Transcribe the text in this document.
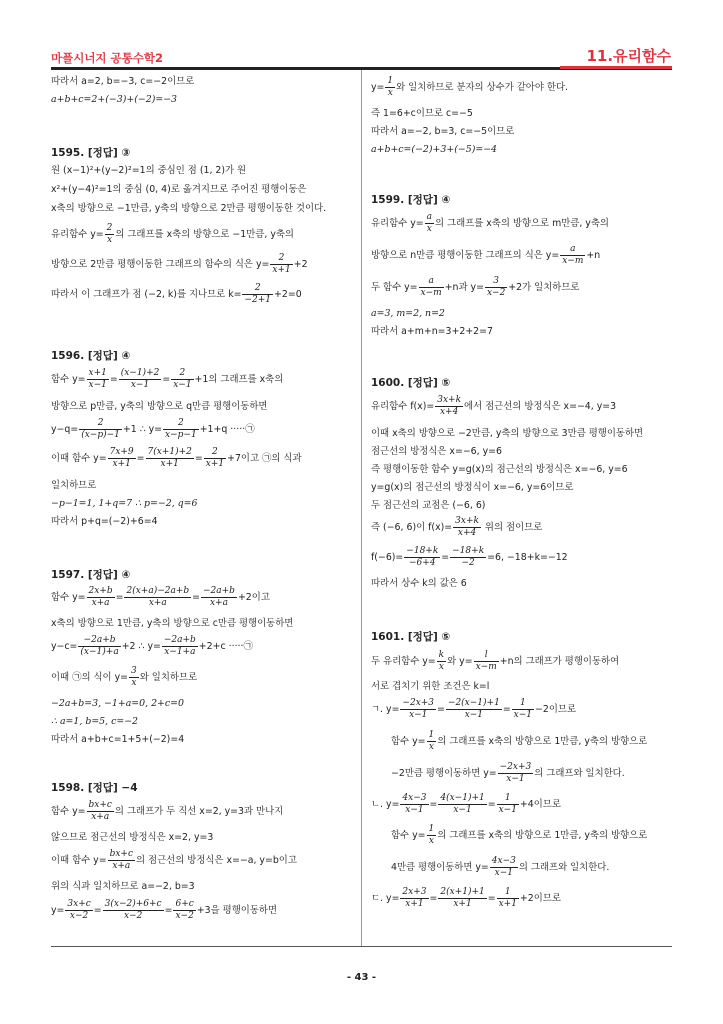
마플시너지 공통수학2	11.유리함수
- 43 -
따라서 a=2, b=−3, c=−2이므로
a+b+c=2+(−3)+(−2)=−3
1595. [정답] ③
원 (x−1)²+(y−2)²=1의 중심인 점 (1, 2)가 원
x²+(y−4)²=1의 중심 (0, 4)로 옮겨지므로 주어진 평행이동은
x축의 방향으로 −1만큼, y축의 방향으로 2만큼 평행이동한 것이다.
유리함수 $y= \frac{2}{x}$ 의 그래프를 x축의 방향으로 −1만큼, y축의
방향으로 2만큼 평행이동한 그래프의 함수의 식은 $y= \frac{2}{x+1} +2$
따라서 이 그래프가 점 (−2, k)를 지나므로 $k= \frac{2}{-2+1} +2=0$
1596. [정답] ④
함수 $y= \frac{x+1}{x-1} = \frac{(x-1)+2}{x-1} = \frac{2}{x-1} +1$의 그래프를 x축의
방향으로 p만큼, y축의 방향으로 q만큼 평행이동하면
$y-q= \frac{2}{(x-p)-1} +1$ ∴ $y= \frac{2}{x-p-1} +1+q$ ·····㉠
이때 함수 $y= \frac{7x+9}{x+1} = \frac{7(x+1)+2}{x+1} = \frac{2}{x+1} +7$이고 ㉠의 식과
일치하므로
−p−1=1, 1+q=7 ∴ p=−2, q=6
따라서 p+q=(−2)+6=4
1597. [정답] ④
함수 $y= \frac{2x+b}{x+a} = \frac{2(x+a)-2a+b}{x+a} = \frac{-2a+b}{x+a} +2$이고
x축의 방향으로 1만큼, y축의 방향으로 c만큼 평행이동하면
$y-c= \frac{-2a+b}{(x-1)+a} +2$ ∴ $y= \frac{-2a+b}{x-1+a} +2+c$ ·····㉠
이때 ㉠의 식이 $y= \frac{3}{x}$ 와 일치하므로
−2a+b=3, −1+a=0, 2+c=0
∴ a=1, b=5, c=−2
따라서 a+b+c=1+5+(−2)=4
1598. [정답] −4
함수 $y= \frac{bx+c}{x+a}$ 의 그래프가 두 직선 x=2, y=3과 만나지
않으므로 점근선의 방정식은 x=2, y=3
이때 함수 $y= \frac{bx+c}{x+a}$ 의 점근선의 방정식은 x=−a, y=b이고
위의 식과 일치하므로 a=−2, b=3
$y= \frac{3x+c}{x-2} = \frac{3(x-2)+6+c}{x-2} = \frac{6+c}{x-2} +3$을 평행이동하면
$y= \frac{1}{x}$ 와 일치하므로 분자의 상수가 같아야 한다.
즉 1=6+c이므로 c=−5
따라서 a=−2, b=3, c=−5이므로
a+b+c=(−2)+3+(−5)=−4
1599. [정답] ④
유리함수 $y= \frac{a}{x}$ 의 그래프를 x축의 방향으로 m만큼, y축의
방향으로 n만큼 평행이동한 그래프의 식은 $y= \frac{a}{x-m} +n$
두 함수 $y= \frac{a}{x-m} +n$과 $y= \frac{3}{x-2} +2$가 일치하므로
a=3, m=2, n=2
따라서 a+m+n=3+2+2=7
1600. [정답] ⑤
유리함수 $f(x)= \frac{3x+k}{x+4}$ 에서 점근선의 방정식은 x=−4, y=3
이때 x축의 방향으로 −2만큼, y축의 방향으로 3만큼 평행이동하면
점근선의 방정식은 x=−6, y=6
즉 평행이동한 함수 y=g(x)의 점근선의 방정식은 x=−6, y=6
y=g(x)의 점근선의 방정식이 x=−6, y=6이므로
두 점근선의 교점은 (−6, 6)
즉 (−6, 6)이 $f(x)= \frac{3x+k}{x+4}$ 위의 점이므로
$f(-6)= \frac{-18+k}{-6+4} = \frac{-18+k}{-2} =6$, −18+k=−12
따라서 상수 k의 값은 6
1601. [정답] ⑤
두 유리함수 $y= \frac{k}{x}$ 와 $y= \frac{l}{x-m} +n$의 그래프가 평행이동하여
서로 겹치기 위한 조건은 k=l
ㄱ. $y= \frac{-2x+3}{x-1} = \frac{-2(x-1)+1}{x-1} = \frac{1}{x-1} -2$이므로
함수 $y= \frac{1}{x}$ 의 그래프를 x축의 방향으로 1만큼, y축의 방향으로
−2만큼 평행이동하면 $y= \frac{-2x+3}{x-1}$ 의 그래프와 일치한다.
ㄴ. $y= \frac{4x-3}{x-1} = \frac{4(x-1)+1}{x-1} = \frac{1}{x-1} +4$이므로
함수 $y= \frac{1}{x}$ 의 그래프를 x축의 방향으로 1만큼, y축의 방향으로
4만큼 평행이동하면 $y= \frac{4x-3}{x-1}$ 의 그래프와 일치한다.
ㄷ. $y= \frac{2x+3}{x+1} = \frac{2(x+1)+1}{x+1} = \frac{1}{x+1} +2$이므로
